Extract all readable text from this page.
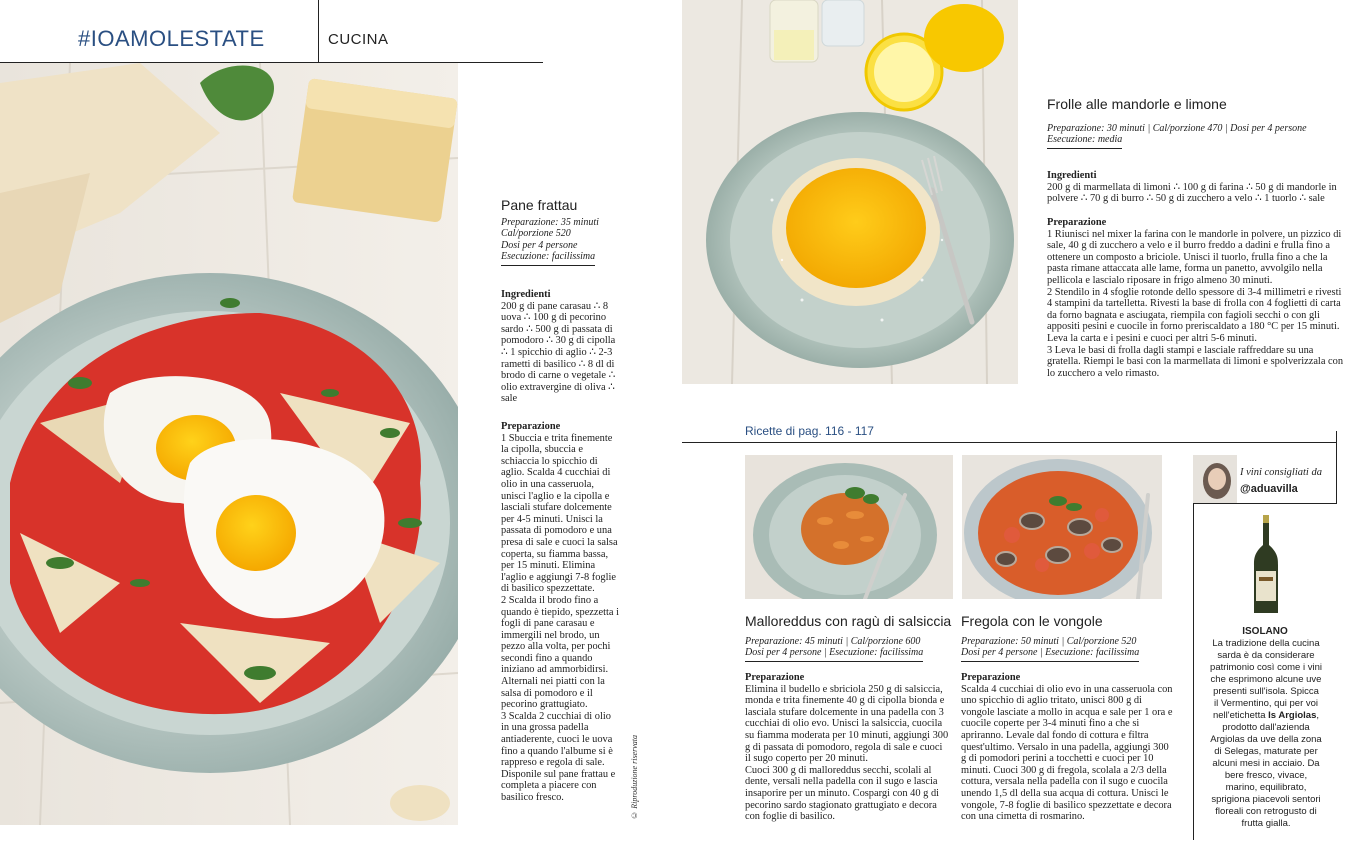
#IOAMOLESTATE	CUCINA
Pane frattau
Preparazione: 35 minuti
Cal/porzione 520
Dosi per 4 persone
Esecuzione: facilissima
Ingredienti
200 g di pane carasau ∴ 8 uova ∴ 100 g di pecorino sardo ∴ 500 g di passata di pomodoro ∴ 30 g di cipolla ∴ 1 spicchio di aglio ∴ 2-3 rametti di basilico ∴ 8 dl di brodo di carne o vegetale ∴ olio extravergine di oliva ∴ sale
Preparazione
1 Sbuccia e trita finemente la cipolla, sbuccia e schiaccia lo spicchio di aglio. Scalda 4 cucchiai di olio in una casseruola, unisci l'aglio e la cipolla e lasciali stufare dolcemente per 4-5 minuti. Unisci la passata di pomodoro e una presa di sale e cuoci la salsa coperta, su fiamma bassa, per 15 minuti. Elimina l'aglio e aggiungi 7-8 foglie di basilico spezzettate.
2 Scalda il brodo fino a quando è tiepido, spezzetta i fogli di pane carasau e immergili nel brodo, un pezzo alla volta, per pochi secondi fino a quando iniziano ad ammorbidirsi. Alternali nei piatti con la salsa di pomodoro e il pecorino grattugiato.
3 Scalda 2 cucchiai di olio in una grossa padella antiaderente, cuoci le uova fino a quando l'albume si è rappreso e regola di sale. Disponile sul pane frattau e completa a piacere con basilico fresco.	© Riproduzione riservata
Frolle alle mandorle e limone
Preparazione: 30 minuti | Cal/porzione 470 | Dosi per 4 persone
Esecuzione: media
Ingredienti
200 g di marmellata di limoni ∴ 100 g di farina ∴ 50 g di mandorle in polvere ∴ 70 g di burro ∴ 50 g di zucchero a velo ∴ 1 tuorlo ∴ sale
Preparazione
1 Riunisci nel mixer la farina con le mandorle in polvere, un pizzico di sale, 40 g di zucchero a velo e il burro freddo a dadini e frulla fino a ottenere un composto a briciole. Unisci il tuorlo, frulla fino a che la pasta rimane attaccata alle lame, forma un panetto, avvolgilo nella pellicola e lascialo riposare in frigo almeno 30 minuti.
2 Stendilo in 4 sfoglie rotonde dello spessore di 3-4 millimetri e rivesti 4 stampini da tartelletta. Rivesti la base di frolla con 4 foglietti di carta da forno bagnata e asciugata, riempila con fagioli secchi o con gli appositi pesini e cuocile in forno preriscaldato a 180 °C per 15 minuti. Leva la carta e i pesini e cuoci per altri 5-6 minuti.
3 Leva le basi di frolla dagli stampi e lasciale raffreddare su una gratella. Riempi le basi con la marmellata di limoni e spolverizzala con lo zucchero a velo rimasto.
Ricette di pag. 116 - 117
Malloreddus con ragù di salsiccia
Preparazione: 45 minuti | Cal/porzione 600
Dosi per 4 persone | Esecuzione: facilissima
Preparazione
Elimina il budello e sbriciola 250 g di salsiccia, monda e trita finemente 40 g di cipolla bionda e lasciala stufare dolcemente in una padella con 3 cucchiai di olio evo. Unisci la salsiccia, cuocila su fiamma moderata per 10 minuti, aggiungi 300 g di passata di pomodoro, regola di sale e cuoci il sugo coperto per 20 minuti.
Cuoci 300 g di malloreddus secchi, scolali al dente, versali nella padella con il sugo e lascia insaporire per un minuto. Cospargi con 40 g di pecorino sardo stagionato grattugiato e decora con foglie di basilico.
Fregola con le vongole
Preparazione: 50 minuti | Cal/porzione 520
Dosi per 4 persone | Esecuzione: facilissima
Preparazione
Scalda 4 cucchiai di olio evo in una casseruola con uno spicchio di aglio tritato, unisci 800 g di vongole lasciate a mollo in acqua e sale per 1 ora e cuocile coperte per 3-4 minuti fino a che si apriranno. Levale dal fondo di cottura e filtra quest'ultimo. Versalo in una padella, aggiungi 300 g di pomodori perini a tocchetti e cuoci per 10 minuti. Cuoci 300 g di fregola, scolala a 2/3 della cottura, versala nella padella con il sugo e cuocila unendo 1,5 dl della sua acqua di cottura. Unisci le vongole, 7-8 foglie di basilico spezzettate e decora con una cimetta di rosmarino.
I vini consigliati da
@aduavilla
ISOLANO
La tradizione della cucina sarda è da considerare patrimonio così come i vini che esprimono alcune uve presenti sull'isola. Spicca il Vermentino, qui per voi nell'etichetta Is Argiolas, prodotto dall'azienda Argiolas da uve della zona di Selegas, maturate per alcuni mesi in acciaio. Da bere fresco, vivace, marino, equilibrato, sprigiona piacevoli sentori floreali con retrogusto di frutta gialla.
